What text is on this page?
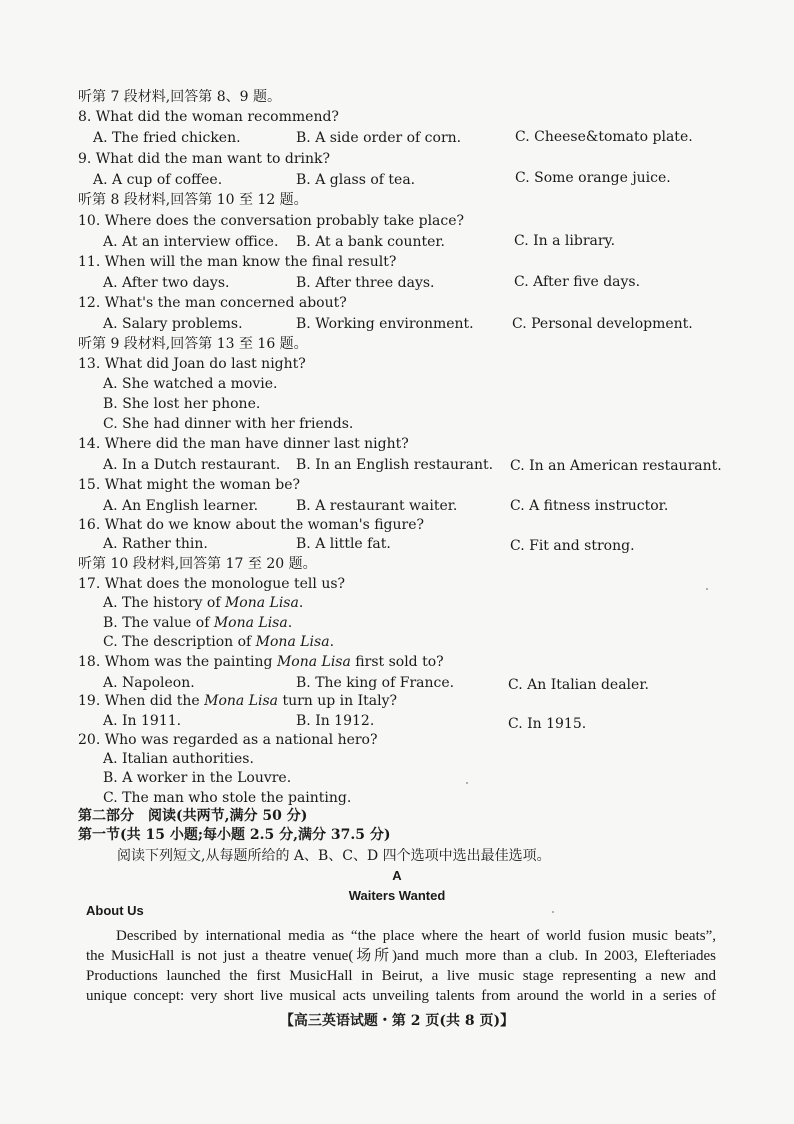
听第 7 段材料,回答第 8、9 题。
8. What did the woman recommend?
A. The fried chicken.	B. A side order of corn.	C. Cheese&tomato plate.
9. What did the man want to drink?
A. A cup of coffee.	B. A glass of tea.	C. Some orange juice.
听第 8 段材料,回答第 10 至 12 题。
10. Where does the conversation probably take place?
A. At an interview office. B. At a bank counter.	C. In a library.
11. When will the man know the final result?
A. After two days.	B. After three days.	C. After five days.
12. What's the man concerned about?
A. Salary problems.	B. Working environment.	C. Personal development.
听第 9 段材料,回答第 13 至 16 题。
13. What did Joan do last night?
A. She watched a movie.
B. She lost her phone.
C. She had dinner with her friends.
14. Where did the man have dinner last night?
A. In a Dutch restaurant. B. In an English restaurant. C. In an American restaurant.
15. What might the woman be?
A. An English learner.	B. A restaurant waiter.	C. A fitness instructor.
16. What do we know about the woman's figure?
A. Rather thin.	B. A little fat.	C. Fit and strong.
听第 10 段材料,回答第 17 至 20 题。
17. What does the monologue tell us?
A. The history of Mona Lisa.
B. The value of Mona Lisa.
C. The description of Mona Lisa.
18. Whom was the painting Mona Lisa first sold to?
A. Napoleon.	B. The king of France.	C. An Italian dealer.
19. When did the Mona Lisa turn up in Italy?
A. In 1911.	B. In 1912.	C. In 1915.
20. Who was regarded as a national hero?
A. Italian authorities.
B. A worker in the Louvre.
C. The man who stole the painting.
第二部分　阅读(共两节,满分 50 分)
第一节(共 15 小题;每小题 2.5 分,满分 37.5 分)
阅读下列短文,从每题所给的 A、B、C、D 四个选项中选出最佳选项。
A
Waiters Wanted
About Us
Described by international media as “the place where the heart of world fusion music beats”,
the MusicHall is not just a theatre venue(场所)and much more than a club. In 2003, Elefteriades
Productions launched the first MusicHall in Beirut, a live music stage representing a new and
unique concept: very short live musical acts unveiling talents from around the world in a series of
【高三英语试题・第 2 页(共 8 页)】
